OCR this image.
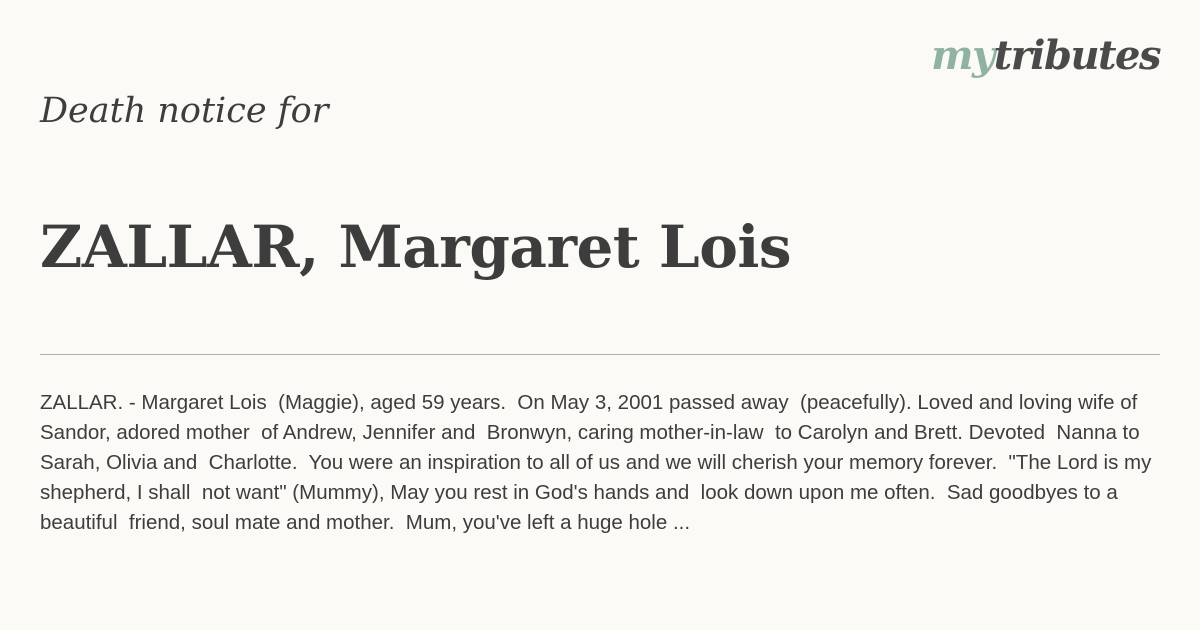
mytributes
Death notice for
ZALLAR, Margaret Lois

ZALLAR. - Margaret Lois  (Maggie), aged 59 years.  On May 3, 2001 passed away  (peacefully). Loved and loving wife of Sandor, adored mother  of Andrew, Jennifer and  Bronwyn, caring mother-in-law  to Carolyn and Brett. Devoted  Nanna to Sarah, Olivia and  Charlotte.  You were an inspiration to all of us and we will cherish your memory forever.  "The Lord is my shepherd, I shall  not want" (Mummy), May you rest in God's hands and  look down upon me often.  Sad goodbyes to a beautiful  friend, soul mate and mother.  Mum, you've left a huge hole ...
